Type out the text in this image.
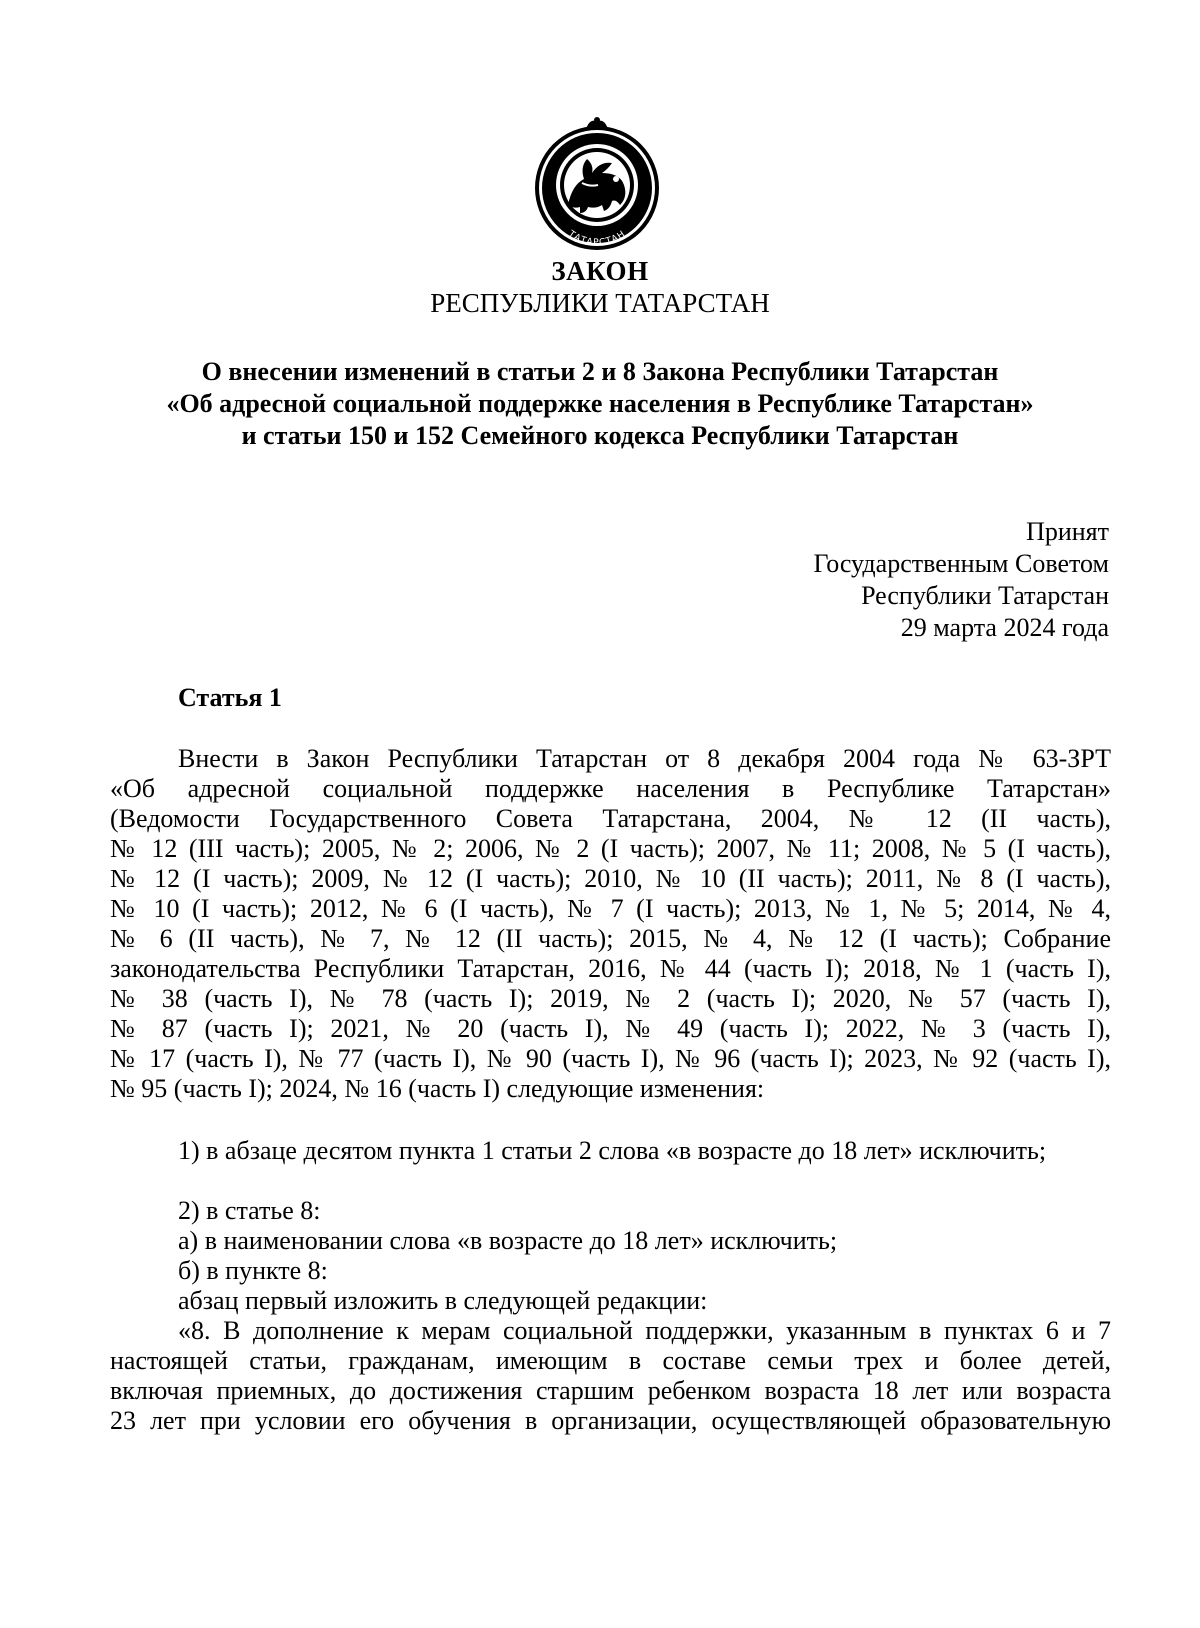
ТАТАРСТАН
ЗАКОН
РЕСПУБЛИКИ ТАТАРСТАН
О внесении изменений в статьи 2 и 8 Закона Республики Татарстан
«Об адресной социальной поддержке населения в Республике Татарстан»
и статьи 150 и 152 Семейного кодекса Республики Татарстан
Принят
Государственным Советом
Республики Татарстан
29 марта 2024 года
Статья 1
Внести в Закон Республики Татарстан от 8 декабря 2004 года № 63-ЗРТ
«Об адресной социальной поддержке населения в Республике Татарстан»
(Ведомости Государственного Совета Татарстана, 2004, № 12 (II часть),
№ 12 (III часть); 2005, № 2; 2006, № 2 (I часть); 2007, № 11; 2008, № 5 (I часть),
№ 12 (I часть); 2009, № 12 (I часть); 2010, № 10 (II часть); 2011, № 8 (I часть),
№ 10 (I часть); 2012, № 6 (I часть), № 7 (I часть); 2013, № 1, № 5; 2014, № 4,
№ 6 (II часть), № 7, № 12 (II часть); 2015, № 4, № 12 (I часть); Собрание
законодательства Республики Татарстан, 2016, № 44 (часть I); 2018, № 1 (часть I),
№ 38 (часть I), № 78 (часть I); 2019, № 2 (часть I); 2020, № 57 (часть I),
№ 87 (часть I); 2021, № 20 (часть I), № 49 (часть I); 2022, № 3 (часть I),
№ 17 (часть I), № 77 (часть I), № 90 (часть I), № 96 (часть I); 2023, № 92 (часть I),
№ 95 (часть I); 2024, № 16 (часть I) следующие изменения:
1) в абзаце десятом пункта 1 статьи 2 слова «в возрасте до 18 лет» исключить;
2) в статье 8:
а) в наименовании слова «в возрасте до 18 лет» исключить;
б) в пункте 8:
абзац первый изложить в следующей редакции:
«8. В дополнение к мерам социальной поддержки, указанным в пунктах 6 и 7
настоящей статьи, гражданам, имеющим в составе семьи трех и более детей,
включая приемных, до достижения старшим ребенком возраста 18 лет или возраста
23 лет при условии его обучения в организации, осуществляющей образовательную
